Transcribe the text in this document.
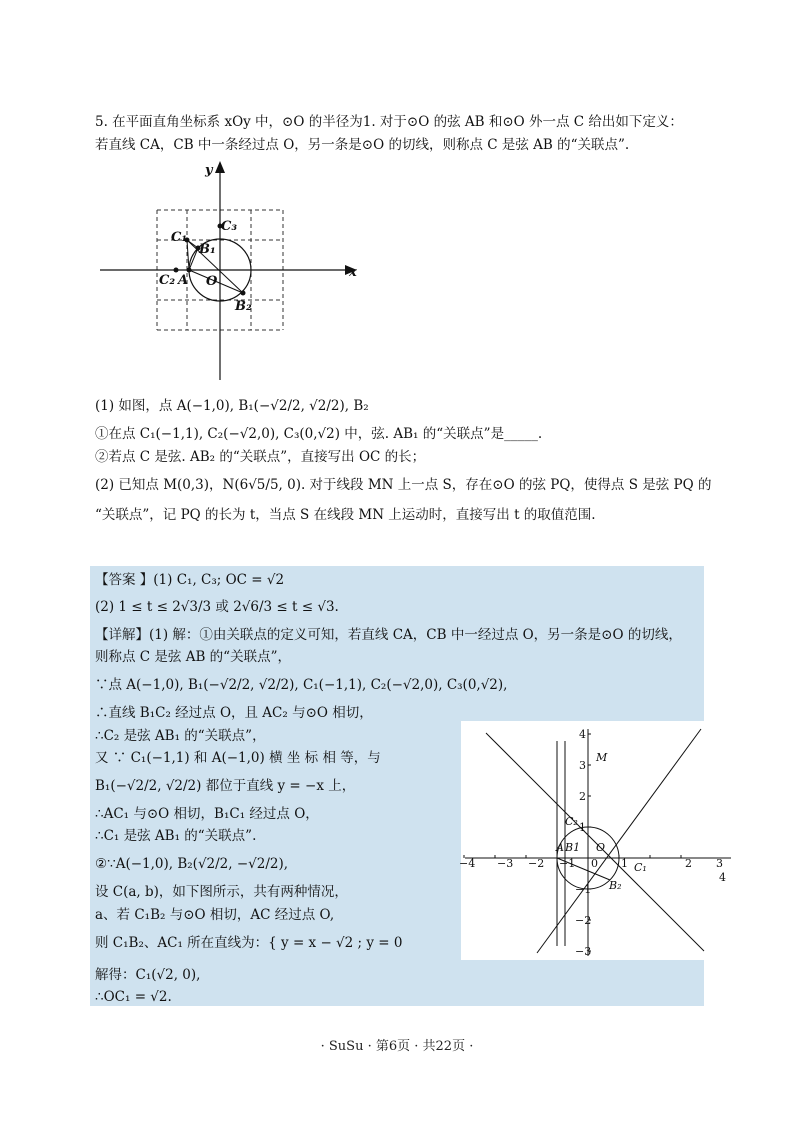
5. 在平面直角坐标系 xOy 中，⊙O 的半径为1. 对于⊙O 的弦 AB 和⊙O 外一点 C 给出如下定义：
若直线 CA，CB 中一条经过点 O，另一条是⊙O 的切线，则称点 C 是弦 AB 的“关联点”.
y
x
C₃
C₁
B₁
C₂ A O
B₂
(1) 如图，点 A(−1,0), B₁(−√2/2, √2/2), B₂
①在点 C₁(−1,1), C₂(−√2,0), C₃(0,√2) 中，弦. AB₁ 的“关联点”是_____.
②若点 C 是弦. AB₂ 的“关联点”，直接写出 OC 的长；
(2) 已知点 M(0,3)，N(6√5/5, 0). 对于线段 MN 上一点 S，存在⊙O 的弦 PQ，使得点 S 是弦 PQ 的
“关联点”，记 PQ 的长为 t，当点 S 在线段 MN 上运动时，直接写出 t 的取值范围.
【答案 】(1) C₁, C₃; OC = √2
(2) 1 ≤ t ≤ 2√3/3 或 2√6/3 ≤ t ≤ √3.
【详解】(1) 解：①由关联点的定义可知，若直线 CA，CB 中一经过点 O，另一条是⊙O 的切线，
则称点 C 是弦 AB 的“关联点”，
∵点 A(−1,0), B₁(−√2/2, √2/2), C₁(−1,1), C₂(−√2,0), C₃(0,√2),
∴直线 B₁C₂ 经过点 O，且 AC₂ 与⊙O 相切，
∴C₂ 是弦 AB₁ 的“关联点”，
又 ∵ C₁(−1,1) 和 A(−1,0) 横 坐 标 相 等，与
B₁(−√2/2, √2/2) 都位于直线 y = −x 上，
∴AC₁ 与⊙O 相切，B₁C₁ 经过点 O，
∴C₁ 是弦 AB₁ 的“关联点”.
②∵A(−1,0), B₂(√2/2, −√2/2),
设 C(a, b)，如下图所示，共有两种情况，
a、若 C₁B₂ 与⊙O 相切，AC 经过点 O,
则 C₁B₂、AC₁ 所在直线为：{ y = x − √2 ; y = 0
解得：C₁(√2, 0),
∴OC₁ = √2.
−4 −3 −2 −1 0 1	2 3
4
4
3
2
1
−1
−2
−3
M
C₂
A B1 O
C₁
B₂
· SuSu · 第6页 · 共22页 ·
